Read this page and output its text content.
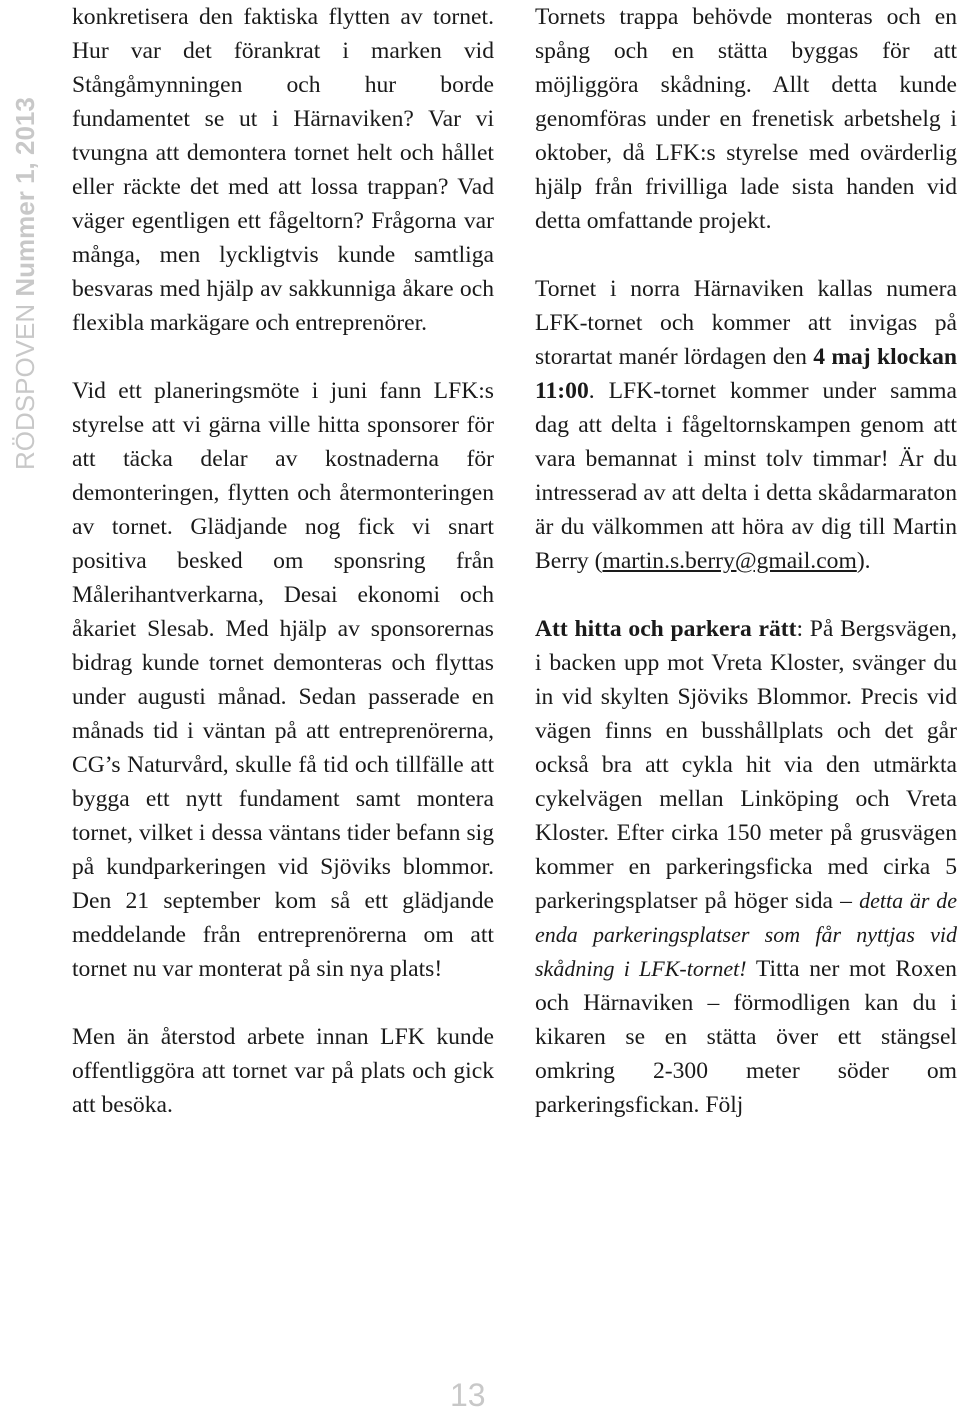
RÖDSPOVEN Nummer 1, 2013

konkretisera den faktiska flytten av tornet. Hur var det förankrat i marken vid Stångåmynningen och hur borde fundamentet se ut i Härnaviken? Var vi tvungna att demontera tornet helt och hållet eller räckte det med att lossa trappan? Vad väger egentligen ett fågeltorn? Frågorna var många, men lyckligtvis kunde samtliga besvaras med hjälp av sakkunniga åkare och flexibla markägare och entreprenörer.

Vid ett planeringsmöte i juni fann LFK:s styrelse att vi gärna ville hitta sponsorer för att täcka delar av kostnaderna för demonteringen, flytten och återmonteringen av tornet. Glädjande nog fick vi snart positiva besked om sponsring från Målerihantverkarna, Desai ekonomi och åkariet Slesab. Med hjälp av sponsorernas bidrag kunde tornet demonteras och flyttas under augusti månad. Sedan passerade en månads tid i väntan på att entreprenörerna, CG’s Naturvård, skulle få tid och tillfälle att bygga ett nytt fundament samt montera tornet, vilket i dessa väntans tider befann sig på kundparkeringen vid Sjöviks blommor. Den 21 september kom så ett glädjande meddelande från entreprenörerna om att tornet nu var monterat på sin nya plats!

Men än återstod arbete innan LFK kunde offentliggöra att tornet var på plats och gick att besöka.

Tornets trappa behövde monteras och en spång och en stätta byggas för att möjliggöra skådning. Allt detta kunde genomföras under en frenetisk arbetshelg i oktober, då LFK:s styrelse med ovärderlig hjälp från frivilliga lade sista handen vid detta omfattande projekt.

Tornet i norra Härnaviken kallas numera LFK-tornet och kommer att invigas på storartat manér lördagen den 4 maj klockan 11:00. LFK-tornet kommer under samma dag att delta i fågeltornskampen genom att vara bemannat i minst tolv timmar! Är du intresserad av att delta i detta skådarmaraton är du välkommen att höra av dig till Martin Berry (martin.s.berry@gmail.com).

Att hitta och parkera rätt: På Bergsvägen, i backen upp mot Vreta Kloster, svänger du in vid skylten Sjöviks Blommor. Precis vid vägen finns en busshållplats och det går också bra att cykla hit via den utmärkta cykelvägen mellan Linköping och Vreta Kloster. Efter cirka 150 meter på grusvägen kommer en parkeringsficka med cirka 5 parkeringsplatser på höger sida – detta är de enda parkeringsplatser som får nyttjas vid skådning i LFK-tornet! Titta ner mot Roxen och Härnaviken – förmodligen kan du i kikaren se en stätta över ett stängsel omkring 2-300 meter söder om parkeringsfickan. Följ

13
